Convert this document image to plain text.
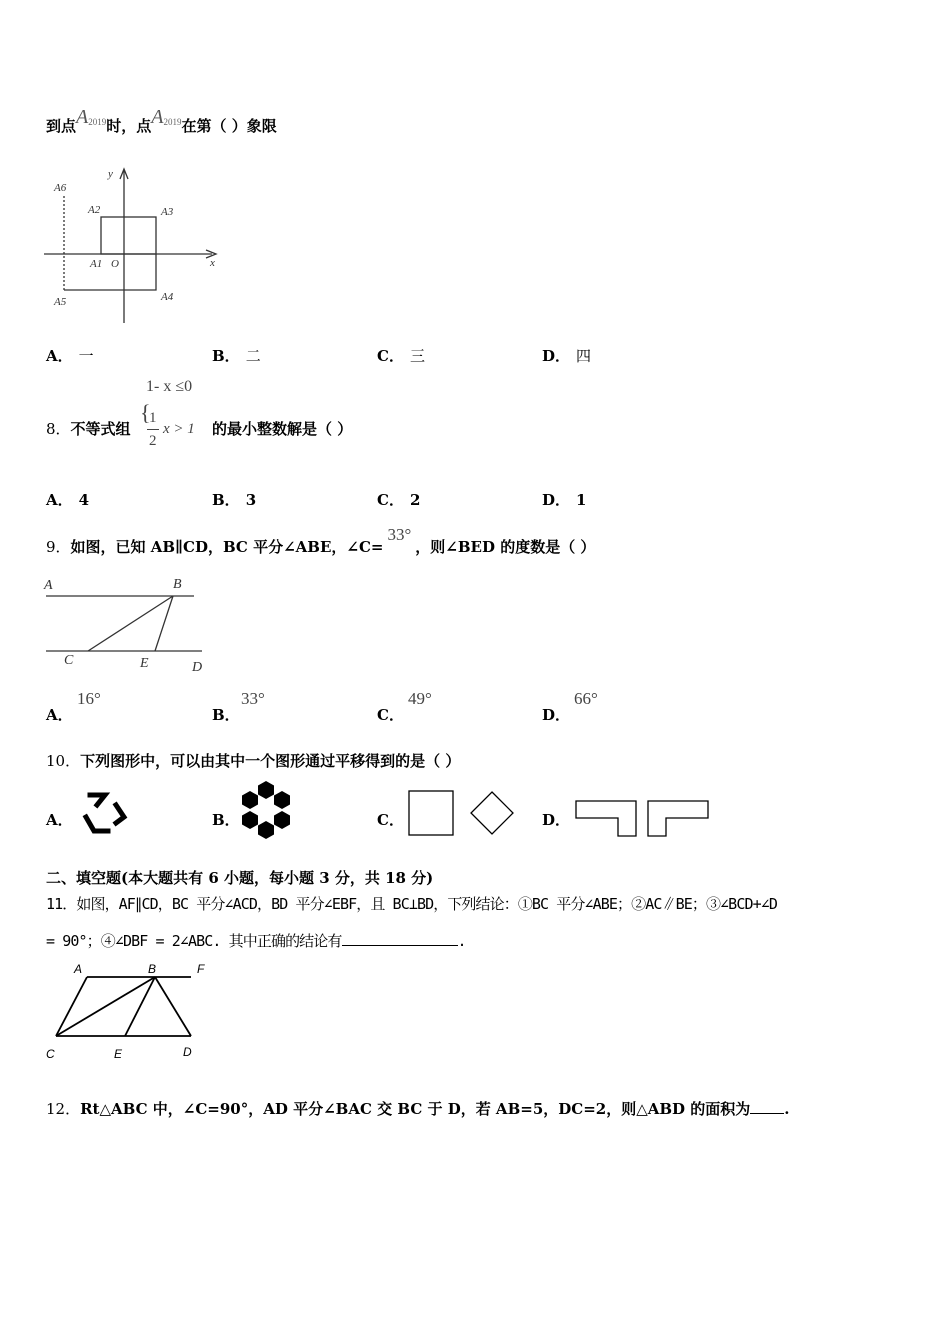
到点$A^{2019}$时，点$A^{2019}$在第（ ）象限
A6
A2	A3
A1 O
A5	A4
y
x
A． 一	B． 二	C． 三	D． 四
1- x ≤0
8．不等式组
{
1
2
x > 1 的最小整数解是（ ）
A． 4	B． 3	C． 2	D． 1
9．如图，已知 AB∥CD，BC 平分∠ABE，∠C=33°，则∠BED 的度数是（ ）
A	B
C	E	D
A．
16°
B．
33°
C．
49°
D．
66°
10．下列图形中，可以由其中一个图形通过平移得到的是（ ）
A．	B．	C．	D．
二、填空题(本大题共有 6 小题，每小题 3 分，共 18 分)
11．如图，AF∥CD，BC 平分∠ACD，BD 平分∠EBF，且 BC⊥BD，下列结论：①BC 平分∠ABE；②AC∥BE；③∠BCD+∠D
= 90°；④∠DBF = 2∠ABC. 其中正确的结论有	.
A	B	F
C	E	D
12．Rt△ABC 中，∠C=90°，AD 平分∠BAC 交 BC 于 D，若 AB=5，DC=2，则△ABD 的面积为 .
